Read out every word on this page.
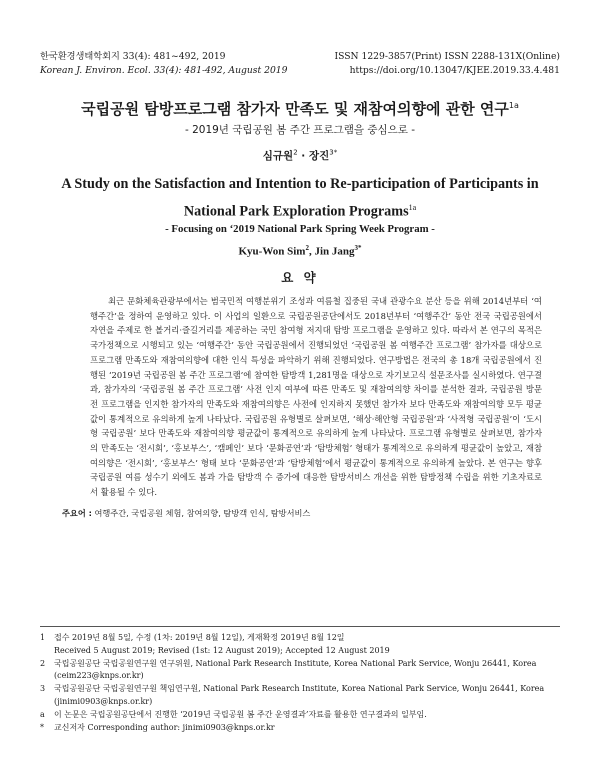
한국환경생태학회지 33(4): 481~492, 2019
Korean J. Environ. Ecol. 33(4): 481-492, August 2019
ISSN 1229-3857(Print) ISSN 2288-131X(Online)
https://doi.org/10.13047/KJEE.2019.33.4.481
국립공원 탐방프로그램 참가자 만족도 및 재참여의향에 관한 연구$^{1a}$
- 2019년 국립공원 봄 주간 프로그램을 중심으로 -
심규원$^2$ · 장진$^{3*}$
A Study on the Satisfaction and Intention to Re-participation of Participants in National Park Exploration Programs$^{1a}$
- Focusing on ‘2019 National Park Spring Week Program -
Kyu-Won Sim$^2$, Jin Jang$^{3*}$
요 약
최근 문화체육관광부에서는 범국민적 여행분위기 조성과 여름철 집중된 국내 관광수요 분산 등을 위해 2014년부터 ‘여행주간’을 정하여 운영하고 있다. 이 사업의 일환으로 국립공원공단에서도 2018년부터 ‘여행주간’ 동안 전국 국립공원에서 자연을 주제로 한 볼거리·즐길거리를 제공하는 국민 참여형 저지대 탐방 프로그램을 운영하고 있다. 따라서 본 연구의 목적은 국가정책으로 시행되고 있는 ‘여행주간’ 동안 국립공원에서 진행되었던 ‘국립공원 봄 여행주간 프로그램’ 참가자를 대상으로 프로그램 만족도와 재참여의향에 대한 인식 특성을 파악하기 위해 진행되었다. 연구방법은 전국의 총 18개 국립공원에서 진행된 ‘2019년 국립공원 봄 주간 프로그램’에 참여한 탐방객 1,281명을 대상으로 자기보고식 설문조사를 실시하였다. 연구결과, 참가자의 ‘국립공원 봄 주간 프로그램’ 사전 인지 여부에 따른 만족도 및 재참여의향 차이를 분석한 결과, 국립공원 방문 전 프로그램을 인지한 참가자의 만족도와 재참여의향은 사전에 인지하지 못했던 참가자 보다 만족도와 재참여의향 모두 평균값이 통계적으로 유의하게 높게 나타났다. 국립공원 유형별로 살펴보면, ‘해상·해안형 국립공원’과 ‘사적형 국립공원’이 ‘도시형 국립공원’ 보다 만족도와 재참여의향 평균값이 통계적으로 유의하게 높게 나타났다. 프로그램 유형별로 살펴보면, 참가자의 만족도는 ‘전시회’, ‘홍보부스’, ‘캠페인’ 보다 ‘문화공연’과 ‘탐방체험’ 형태가 통계적으로 유의하게 평균값이 높았고, 재참여의향은 ‘전시회’, ‘홍보부스’ 형태 보다 ‘문화공연’과 ‘탐방체험’에서 평균값이 통계적으로 유의하게 높았다. 본 연구는 향후 국립공원 여름 성수기 외에도 봄과 가을 탐방객 수 증가에 대응한 탐방서비스 개선을 위한 탐방정책 수립을 위한 기초자료로서 활용될 수 있다.
주요어 : 여행주간, 국립공원 체험, 참여의향, 탐방객 인식, 탐방서비스
1	접수 2019년 8월 5일, 수정 (1차: 2019년 8월 12일), 게재확정 2019년 8월 12일
Received 5 August 2019; Revised (1st: 12 August 2019); Accepted 12 August 2019
2	국립공원공단 국립공원연구원 연구위원, National Park Research Institute, Korea National Park Service, Wonju 26441, Korea
(ceim223@knps.or.kr)
3	국립공원공단 국립공원연구원 책임연구원, National Park Research Institute, Korea National Park Service, Wonju 26441, Korea
(jinimi0903@knps.or.kr)
a	이 논문은 국립공원공단에서 진행한 ‘2019년 국립공원 봄 주간 운영결과’자료를 활용한 연구결과의 일부임.
*	교신저자 Corresponding author: jinimi0903@knps.or.kr
